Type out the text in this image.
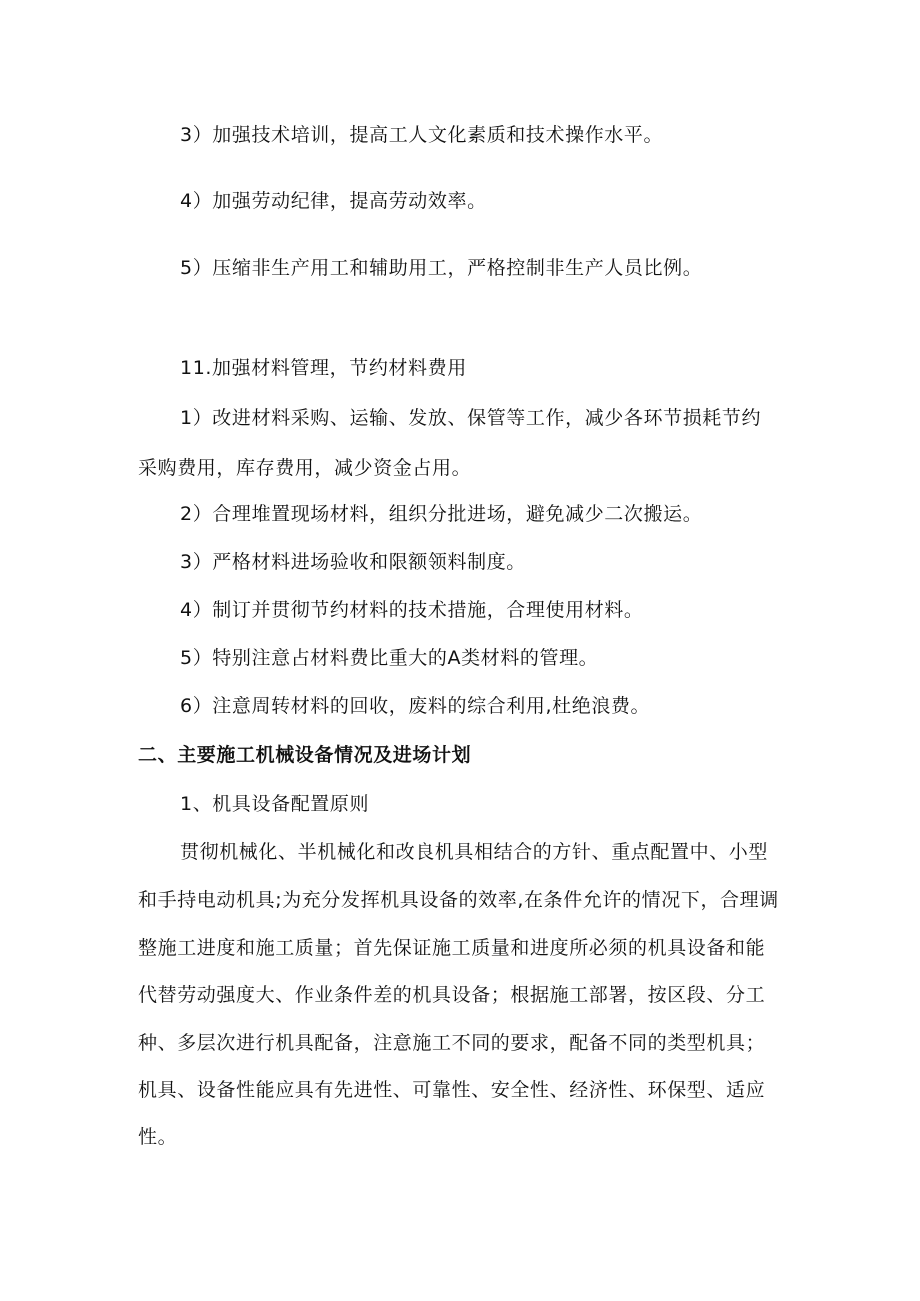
3）加强技术培训，提高工人文化素质和技术操作水平。
4）加强劳动纪律，提高劳动效率。
5）压缩非生产用工和辅助用工，严格控制非生产人员比例。
11.加强材料管理，节约材料费用
1）改进材料采购、运输、发放、保管等工作，减少各环节损耗节约
采购费用，库存费用，减少资金占用。
2）合理堆置现场材料，组织分批进场，避免减少二次搬运。
3）严格材料进场验收和限额领料制度。
4）制订并贯彻节约材料的技术措施，合理使用材料。
5）特别注意占材料费比重大的A类材料的管理。
6）注意周转材料的回收，废料的综合利用,杜绝浪费。
二、主要施工机械设备情况及进场计划
1、机具设备配置原则
贯彻机械化、半机械化和改良机具相结合的方针、重点配置中、小型
和手持电动机具;为充分发挥机具设备的效率,在条件允许的情况下，合理调
整施工进度和施工质量；首先保证施工质量和进度所必须的机具设备和能
代替劳动强度大、作业条件差的机具设备；根据施工部署，按区段、分工
种、多层次进行机具配备，注意施工不同的要求，配备不同的类型机具；
机具、设备性能应具有先进性、可靠性、安全性、经济性、环保型、适应
性。
